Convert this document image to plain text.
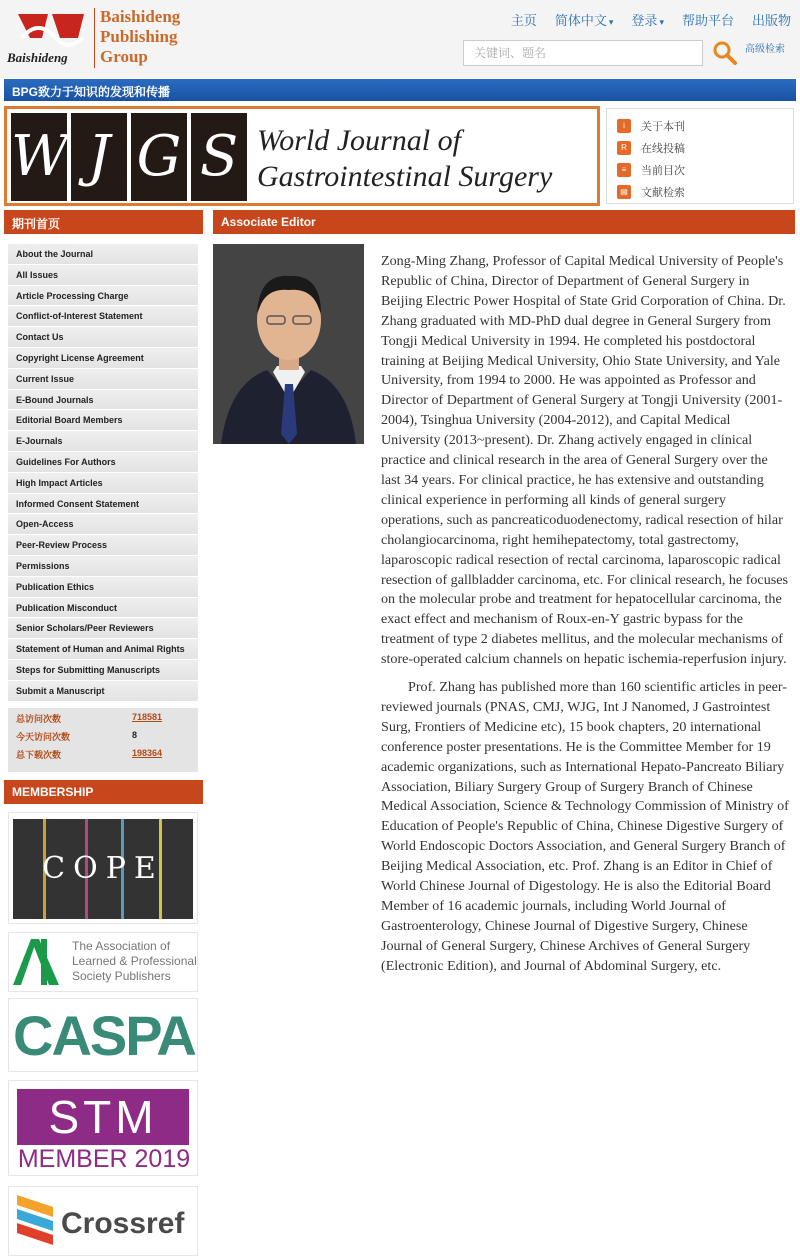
Baishideng
Baishideng
Publishing
Group
主页 简体中文 ▾ 登录 ▾ 帮助平台 出版物
关键词、题名
高级检索
BPG致力于知识的发现和传播
W J G S World Journal of
Gastrointestinal Surgery
i	关于本刊
R	在线投稿
≡	当前目次
▤ 文献检索
期刊首页	Associate Editor
About the Journal
All Issues
Article Processing Charge
Conflict-of-Interest Statement
Contact Us
Copyright License Agreement
Current Issue
E-Bound Journals
Editorial Board Members
E-Journals
Guidelines For Authors
High Impact Articles
Informed Consent Statement
Open-Access
Peer-Review Process
Permissions
Publication Ethics
Publication Misconduct
Senior Scholars/Peer Reviewers
Statement of Human and Animal Rights
Steps for Submitting Manuscripts
Submit a Manuscript
总访问次数	718581
今天访问次数	8
总下载次数	198364
MEMBERSHIP
COPE
The Association of
Learned & Professional
Society Publishers
CASPA
STM
MEMBER 2019
Crossref

Zong-Ming Zhang, Professor of Capital Medical University of People's Republic of China, Director of Department of General Surgery in Beijing Electric Power Hospital of State Grid Corporation of China. Dr. Zhang graduated with MD-PhD dual degree in General Surgery from Tongji Medical University in 1994. He completed his postdoctoral training at Beijing Medical University, Ohio State University, and Yale University, from 1994 to 2000. He was appointed as Professor and Director of Department of General Surgery at Tongji University (2001-2004), Tsinghua University (2004-2012), and Capital Medical University (2013~present). Dr. Zhang actively engaged in clinical practice and clinical research in the area of General Surgery over the last 34 years. For clinical practice, he has extensive and outstanding clinical experience in performing all kinds of general surgery operations, such as pancreaticoduodenectomy, radical resection of hilar cholangiocarcinoma, right hemihepatectomy, total gastrectomy, laparoscopic radical resection of rectal carcinoma, laparoscopic radical resection of gallbladder carcinoma, etc. For clinical research, he focuses on the molecular probe and treatment for hepatocellular carcinoma, the exact effect and mechanism of Roux-en-Y gastric bypass for the treatment of type 2 diabetes mellitus, and the molecular mechanisms of store-operated calcium channels on hepatic ischemia-reperfusion injury.

Prof. Zhang has published more than 160 scientific articles in peer-reviewed journals (PNAS, CMJ, WJG, Int J Nanomed, J Gastrointest Surg, Frontiers of Medicine etc), 15 book chapters, 20 international conference poster presentations. He is the Committee Member for 19 academic organizations, such as International Hepato-Pancreato Biliary Association, Biliary Surgery Group of Surgery Branch of Chinese Medical Association, Science & Technology Commission of Ministry of Education of People's Republic of China, Chinese Digestive Surgery of World Endoscopic Doctors Association, and General Surgery Branch of Beijing Medical Association, etc. Prof. Zhang is an Editor in Chief of World Chinese Journal of Digestology. He is also the Editorial Board Member of 16 academic journals, including World Journal of Gastroenterology, Chinese Journal of Digestive Surgery, Chinese Journal of General Surgery, Chinese Archives of General Surgery (Electronic Edition), and Journal of Abdominal Surgery, etc.
